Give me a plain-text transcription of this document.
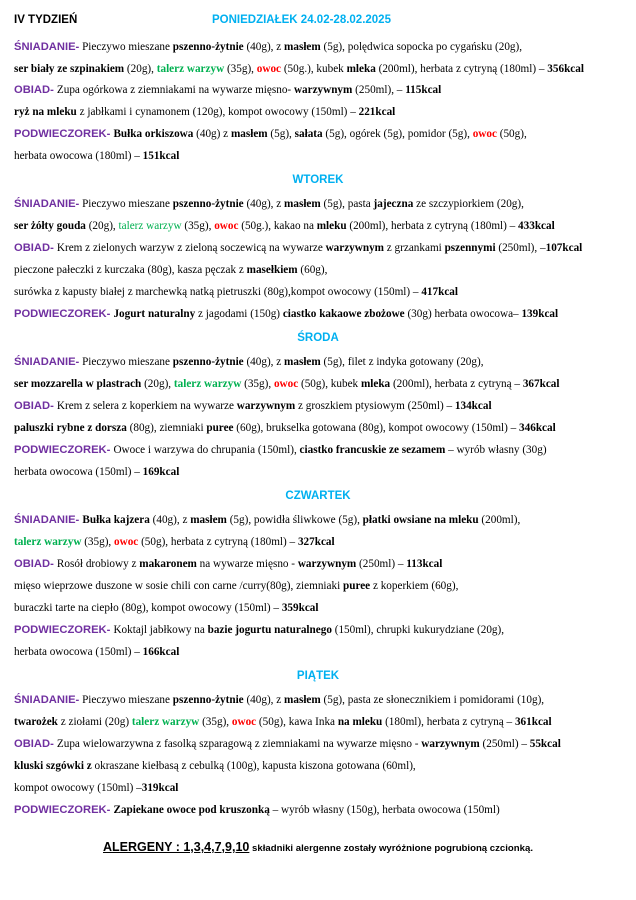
IV TYDZIEŃ	PONIEDZIAŁEK 24.02-28.02.2025
ŚNIADANIE- Pieczywo mieszane pszenno-żytnie (40g), z masłem (5g), polędwica sopocka po cygańsku (20g),
ser biały ze szpinakiem (20g), talerz warzyw (35g), owoc (50g.), kubek mleka (200ml), herbata z cytryną (180ml) – 356kcal
OBIAD- Zupa ogórkowa z ziemniakami na wywarze mięsno- warzywnym (250ml), – 115kcal
ryż na mleku z jabłkami i cynamonem (120g), kompot owocowy (150ml) – 221kcal
PODWIECZOREK- Bułka orkiszowa (40g) z masłem (5g), sałata (5g), ogórek (5g), pomidor (5g), owoc (50g),
herbata owocowa (180ml) – 151kcal
WTOREK
ŚNIADANIE- Pieczywo mieszane pszenno-żytnie (40g), z masłem (5g), pasta jajeczna ze szczypiorkiem (20g),
ser żółty gouda (20g), talerz warzyw (35g), owoc (50g.), kakao na mleku (200ml), herbata z cytryną (180ml) – 433kcal
OBIAD- Krem z zielonych warzyw z zieloną soczewicą na wywarze warzywnym z grzankami pszennymi (250ml), –107kcal
pieczone pałeczki z kurczaka (80g), kasza pęczak z masełkiem (60g),
surówka z kapusty białej z marchewką natką pietruszki (80g),kompot owocowy (150ml) – 417kcal
PODWIECZOREK- Jogurt naturalny z jagodami (150g) ciastko kakaowe zbożowe (30g) herbata owocowa– 139kcal
ŚRODA
ŚNIADANIE- Pieczywo mieszane pszenno-żytnie (40g), z masłem (5g), filet z indyka gotowany (20g),
ser mozzarella w plastrach (20g), talerz warzyw (35g), owoc (50g), kubek mleka (200ml), herbata z cytryną – 367kcal
OBIAD- Krem z selera z koperkiem na wywarze warzywnym z groszkiem ptysiowym (250ml) – 134kcal
paluszki rybne z dorsza (80g), ziemniaki puree (60g), brukselka gotowana (80g), kompot owocowy (150ml) – 346kcal
PODWIECZOREK- Owoce i warzywa do chrupania (150ml), ciastko francuskie ze sezamem – wyrób własny (30g)
herbata owocowa (150ml) – 169kcal
CZWARTEK
ŚNIADANIE- Bułka kajzera (40g), z masłem (5g), powidła śliwkowe (5g), płatki owsiane na mleku (200ml),
talerz warzyw (35g), owoc (50g), herbata z cytryną (180ml) – 327kcal
OBIAD- Rosół drobiowy z makaronem na wywarze mięsno - warzywnym (250ml) – 113kcal
mięso wieprzowe duszone w sosie chili con carne /curry(80g), ziemniaki puree z koperkiem (60g),
buraczki tarte na ciepło (80g), kompot owocowy (150ml) – 359kcal
PODWIECZOREK- Koktajl jabłkowy na bazie jogurtu naturalnego (150ml), chrupki kukurydziane (20g),
herbata owocowa (150ml) – 166kcal
PIĄTEK
ŚNIADANIE- Pieczywo mieszane pszenno-żytnie (40g), z masłem (5g), pasta ze słonecznikiem i pomidorami (10g),
twarożek z ziołami (20g) talerz warzyw (35g), owoc (50g), kawa Inka na mleku (180ml), herbata z cytryną – 361kcal
OBIAD- Zupa wielowarzywna z fasolką szparagową z ziemniakami na wywarze mięsno - warzywnym (250ml) – 55kcal
kluski szgówki z okraszane kiełbasą z cebulką (100g), kapusta kiszona gotowana (60ml),
kompot owocowy (150ml) –319kcal
PODWIECZOREK- Zapiekane owoce pod kruszonką – wyrób własny (150g), herbata owocowa (150ml)
ALERGENY : 1,3,4,7,9,10 składniki alergenne zostały wyróżnione pogrubioną czcionką.
